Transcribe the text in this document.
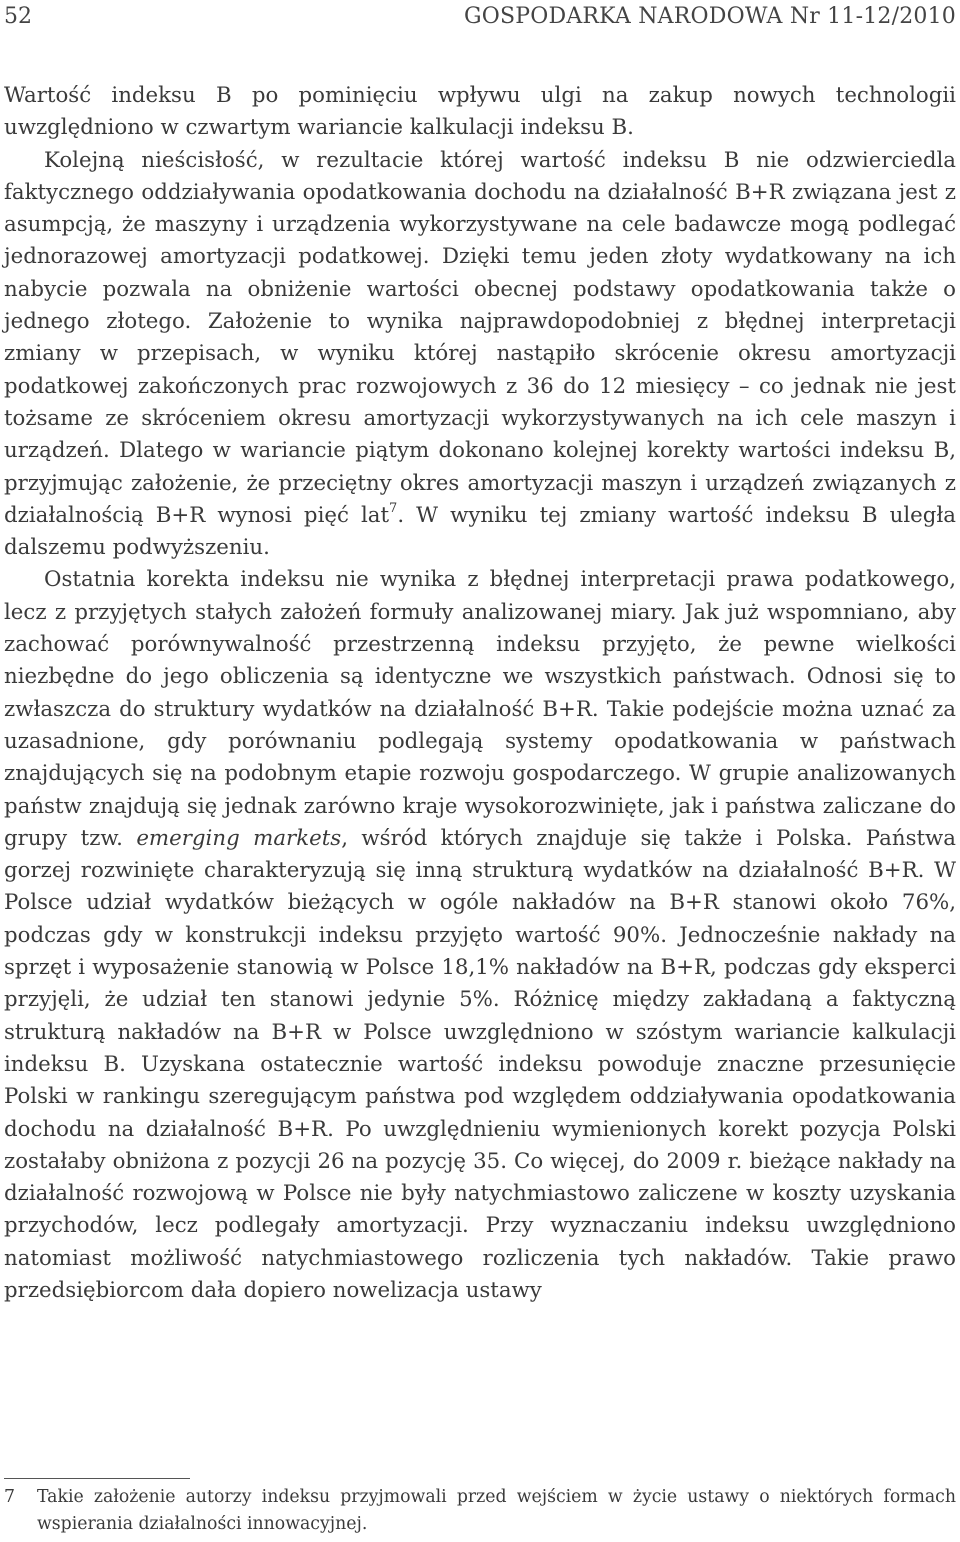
52	GOSPODARKA NARODOWA Nr 11-12/2010

Wartość indeksu B po pominięciu wpływu ulgi na zakup nowych technologii uwzględniono w czwartym wariancie kalkulacji indeksu B.

Kolejną nieścisłość, w rezultacie której wartość indeksu B nie odzwierciedla faktycznego oddziaływania opodatkowania dochodu na działalność B+R związana jest z asumpcją, że maszyny i urządzenia wykorzystywane na cele badawcze mogą podlegać jednorazowej amortyzacji podatkowej. Dzięki temu jeden złoty wydatkowany na ich nabycie pozwala na obniżenie wartości obecnej podstawy opodatkowania także o jednego złotego. Założenie to wynika najprawdopodobniej z błędnej interpretacji zmiany w przepisach, w wyniku której nastąpiło skrócenie okresu amortyzacji podatkowej zakończonych prac rozwojowych z 36 do 12 miesięcy – co jednak nie jest tożsame ze skróceniem okresu amortyzacji wykorzystywanych na ich cele maszyn i urządzeń. Dlatego w wariancie piątym dokonano kolejnej korekty wartości indeksu B, przyjmując założenie, że przeciętny okres amortyzacji maszyn i urządzeń związanych z działalnością B+R wynosi pięć lat$^7$. W wyniku tej zmiany wartość indeksu B uległa dalszemu podwyższeniu.

Ostatnia korekta indeksu nie wynika z błędnej interpretacji prawa podatkowego, lecz z przyjętych stałych założeń formuły analizowanej miary. Jak już wspomniano, aby zachować porównywalność przestrzenną indeksu przyjęto, że pewne wielkości niezbędne do jego obliczenia są identyczne we wszystkich państwach. Odnosi się to zwłaszcza do struktury wydatków na działalność B+R. Takie podejście można uznać za uzasadnione, gdy porównaniu podlegają systemy opodatkowania w państwach znajdujących się na podobnym etapie rozwoju gospodarczego. W grupie analizowanych państw znajdują się jednak zarówno kraje wysokorozwinięte, jak i państwa zaliczane do grupy tzw. emerging markets, wśród których znajduje się także i Polska. Państwa gorzej rozwinięte charakteryzują się inną strukturą wydatków na działalność B+R. W Polsce udział wydatków bieżących w ogóle nakładów na B+R stanowi około 76%, podczas gdy w konstrukcji indeksu przyjęto wartość 90%. Jednocześnie nakłady na sprzęt i wyposażenie stanowią w Polsce 18,1% nakładów na B+R, podczas gdy eksperci przyjęli, że udział ten stanowi jedynie 5%. Różnicę między zakładaną a faktyczną strukturą nakładów na B+R w Polsce uwzględniono w szóstym wariancie kalkulacji indeksu B. Uzyskana ostatecznie wartość indeksu powoduje znaczne przesunięcie Polski w rankingu szeregującym państwa pod względem oddziaływania opodatkowania dochodu na działalność B+R. Po uwzględnieniu wymienionych korekt pozycja Polski zostałaby obniżona z pozycji 26 na pozycję 35. Co więcej, do 2009 r. bieżące nakłady na działalność rozwojową w Polsce nie były natychmiastowo zaliczene w koszty uzyskania przychodów, lecz podlegały amortyzacji. Przy wyznaczaniu indeksu uwzględniono natomiast możliwość natychmiastowego rozliczenia tych nakładów. Takie prawo przedsiębiorcom dała dopiero nowelizacja ustawy

7 Takie założenie autorzy indeksu przyjmowali przed wejściem w życie ustawy o niektórych formach wspierania działalności innowacyjnej.
